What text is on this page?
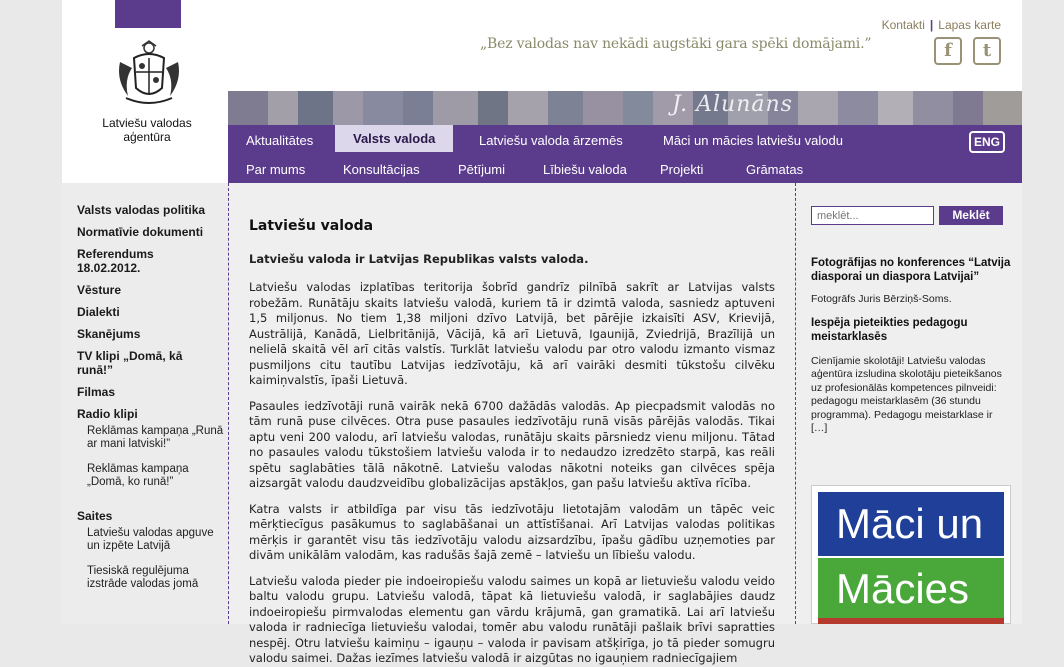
Latviešu valodas
aģentūra
„Bez valodas nav nekādi augstāki gara spēki domājami.”
Kontakti | Lapas karte
f	t
J. Alunāns
Aktualitātes	Valsts valoda	Latviešu valoda ārzemēs	Māci un mācies latviešu valodu	ENG
Par mums	Konsultācijas	Pētījumi	Lībiešu valoda	Projekti	Grāmatas
Valsts valodas politika
Normatīvie dokumenti
Referendums 18.02.2012.
Vēsture
Dialekti
Skanējums
TV klipi „Domā, kā runā!”
Filmas
Radio klipi
Reklāmas kampaņa „Runā ar mani latviski!”
Reklāmas kampaņa „Domā, ko runā!”
Saites
Latviešu valodas apguve un izpēte Latvijā
Tiesiskā regulējuma izstrāde valodas jomā
Latviešu valoda
Latviešu valoda ir Latvijas Republikas valsts valoda.

Latviešu valodas izplatības teritorija šobrīd gandrīz pilnībā sakrīt ar Latvijas valsts robežām. Runātāju skaits latviešu valodā, kuriem tā ir dzimtā valoda, sasniedz aptuveni 1,5 miljonus. No tiem 1,38 miljoni dzīvo Latvijā, bet pārējie izkaisīti ASV, Krievijā, Austrālijā, Kanādā, Lielbritānijā, Vācijā, kā arī Lietuvā, Igaunijā, Zviedrijā, Brazīlijā un nelielā skaitā vēl arī citās valstīs. Turklāt latviešu valodu par otro valodu izmanto vismaz pusmiljons citu tautību Latvijas iedzīvotāju, kā arī vairāki desmiti tūkstošu cilvēku kaimiņvalstīs, īpaši Lietuvā.

Pasaules iedzīvotāji runā vairāk nekā 6700 dažādās valodās. Ap piecpadsmit valodās no tām runā puse cilvēces. Otra puse pasaules iedzīvotāju runā visās pārējās valodās. Tikai aptu veni 200 valodu, arī latviešu valodas, runātāju skaits pārsniedz vienu miljonu. Tātad no pasaules valodu tūkstošiem latviešu valoda ir to nedaudzo izredzēto starpā, kas reāli spētu saglabāties tālā nākotnē. Latviešu valodas nākotni noteiks gan cilvēces spēja aizsargāt valodu daudzveidību globalizācijas apstākļos, gan pašu latviešu aktīva rīcība.

Katra valsts ir atbildīga par visu tās iedzīvotāju lietotajām valodām un tāpēc veic mērķtiecīgus pasākumus to saglabāšanai un attīstīšanai. Arī Latvijas valodas politikas mērķis ir garantēt visu tās iedzīvotāju valodu aizsardzību, īpašu gādību uzņemoties par divām unikālām valodām, kas radušās šajā zemē – latviešu un lībiešu valodu.

Latviešu valoda pieder pie indoeiropiešu valodu saimes un kopā ar lietuviešu valodu veido baltu valodu grupu. Latviešu valodā, tāpat kā lietuviešu valodā, ir saglabājies daudz indoeiropiešu pirmvalodas elementu gan vārdu krājumā, gan gramatikā. Lai arī latviešu valoda ir radniecīga lietuviešu valodai, tomēr abu valodu runātāji pašlaik brīvi sapratties nespēj. Otru latviešu kaimiņu – igauņu – valoda ir pavisam atšķirīga, jo tā pieder somugru valodu saimei. Dažas iezīmes latviešu valodā ir aizgūtas no igauņiem radniecīgajiem

meklēt...
Meklēt
Fotogrāfijas no konferences “Latvija diasporai un diaspora Latvijai”
Fotogrāfs Juris Bērziņš-Soms.
Iespēja pieteikties pedagogu meistarklasēs
Cienījamie skolotāji! Latviešu valodas aģentūra izsludina skolotāju pieteikšanos uz profesionālās kompetences pilnveidi: pedagogu meistarklasēm (36 stundu programma). Pedagogu meistarklase ir […]
Māci un
Mācies
